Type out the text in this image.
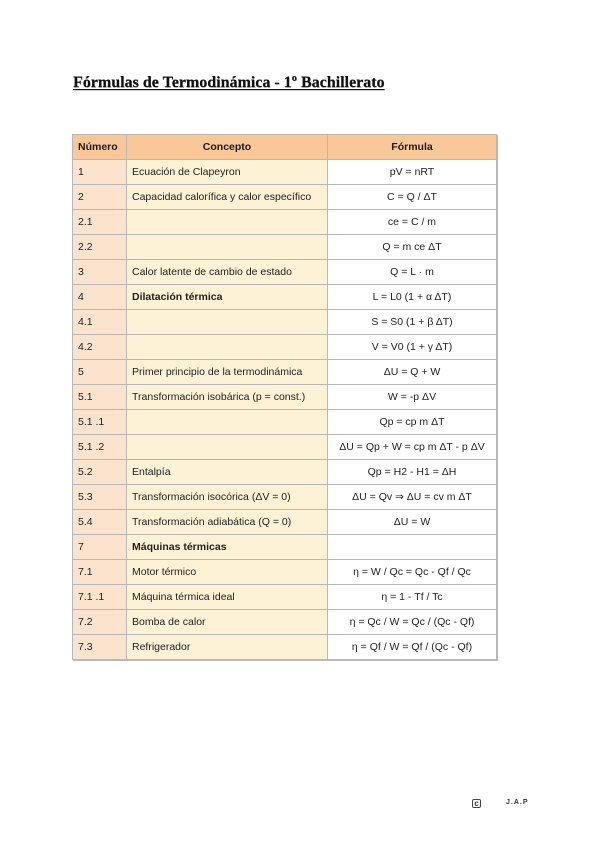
Fórmulas de Termodinámica - 1º Bachillerato
Número	Concepto	Fórmula
1	Ecuación de Clapeyron	pV = nRT
2	Capacidad calorífica y calor específico	C = Q / ΔT
2.1		ce = C / m
2.2		Q = m ce ΔT
3	Calor latente de cambio de estado	Q = L · m
4	Dilatación térmica	L = L0 (1 + α ΔT)
4.1		S = S0 (1 + β ΔT)
4.2		V = V0 (1 + γ ΔT)
5	Primer principio de la termodinámica	ΔU = Q + W
5.1	Transformación isobárica (p = const.)	W = -p ΔV
5.1 .1		Qp = cp m ΔT
5.1 .2		ΔU = Qp + W = cp m ΔT - p ΔV
5.2	Entalpía	Qp = H2 - H1 = ΔH
5.3	Transformación isocórica (ΔV = 0)	ΔU = Qv ⇒ ΔU = cv m ΔT
5.4	Transformación adiabática (Q = 0)	ΔU = W
7	Máquinas térmicas	
7.1	Motor térmico	η = W / Qc = Qc - Qf / Qc
7.1 .1	Máquina térmica ideal	η = 1 - Tf / Tc
7.2	Bomba de calor	η = Qc / W = Qc / (Qc - Qf)
7.3	Refrigerador	η = Qf / W = Qf / (Qc - Qf)
c	J.A.P
